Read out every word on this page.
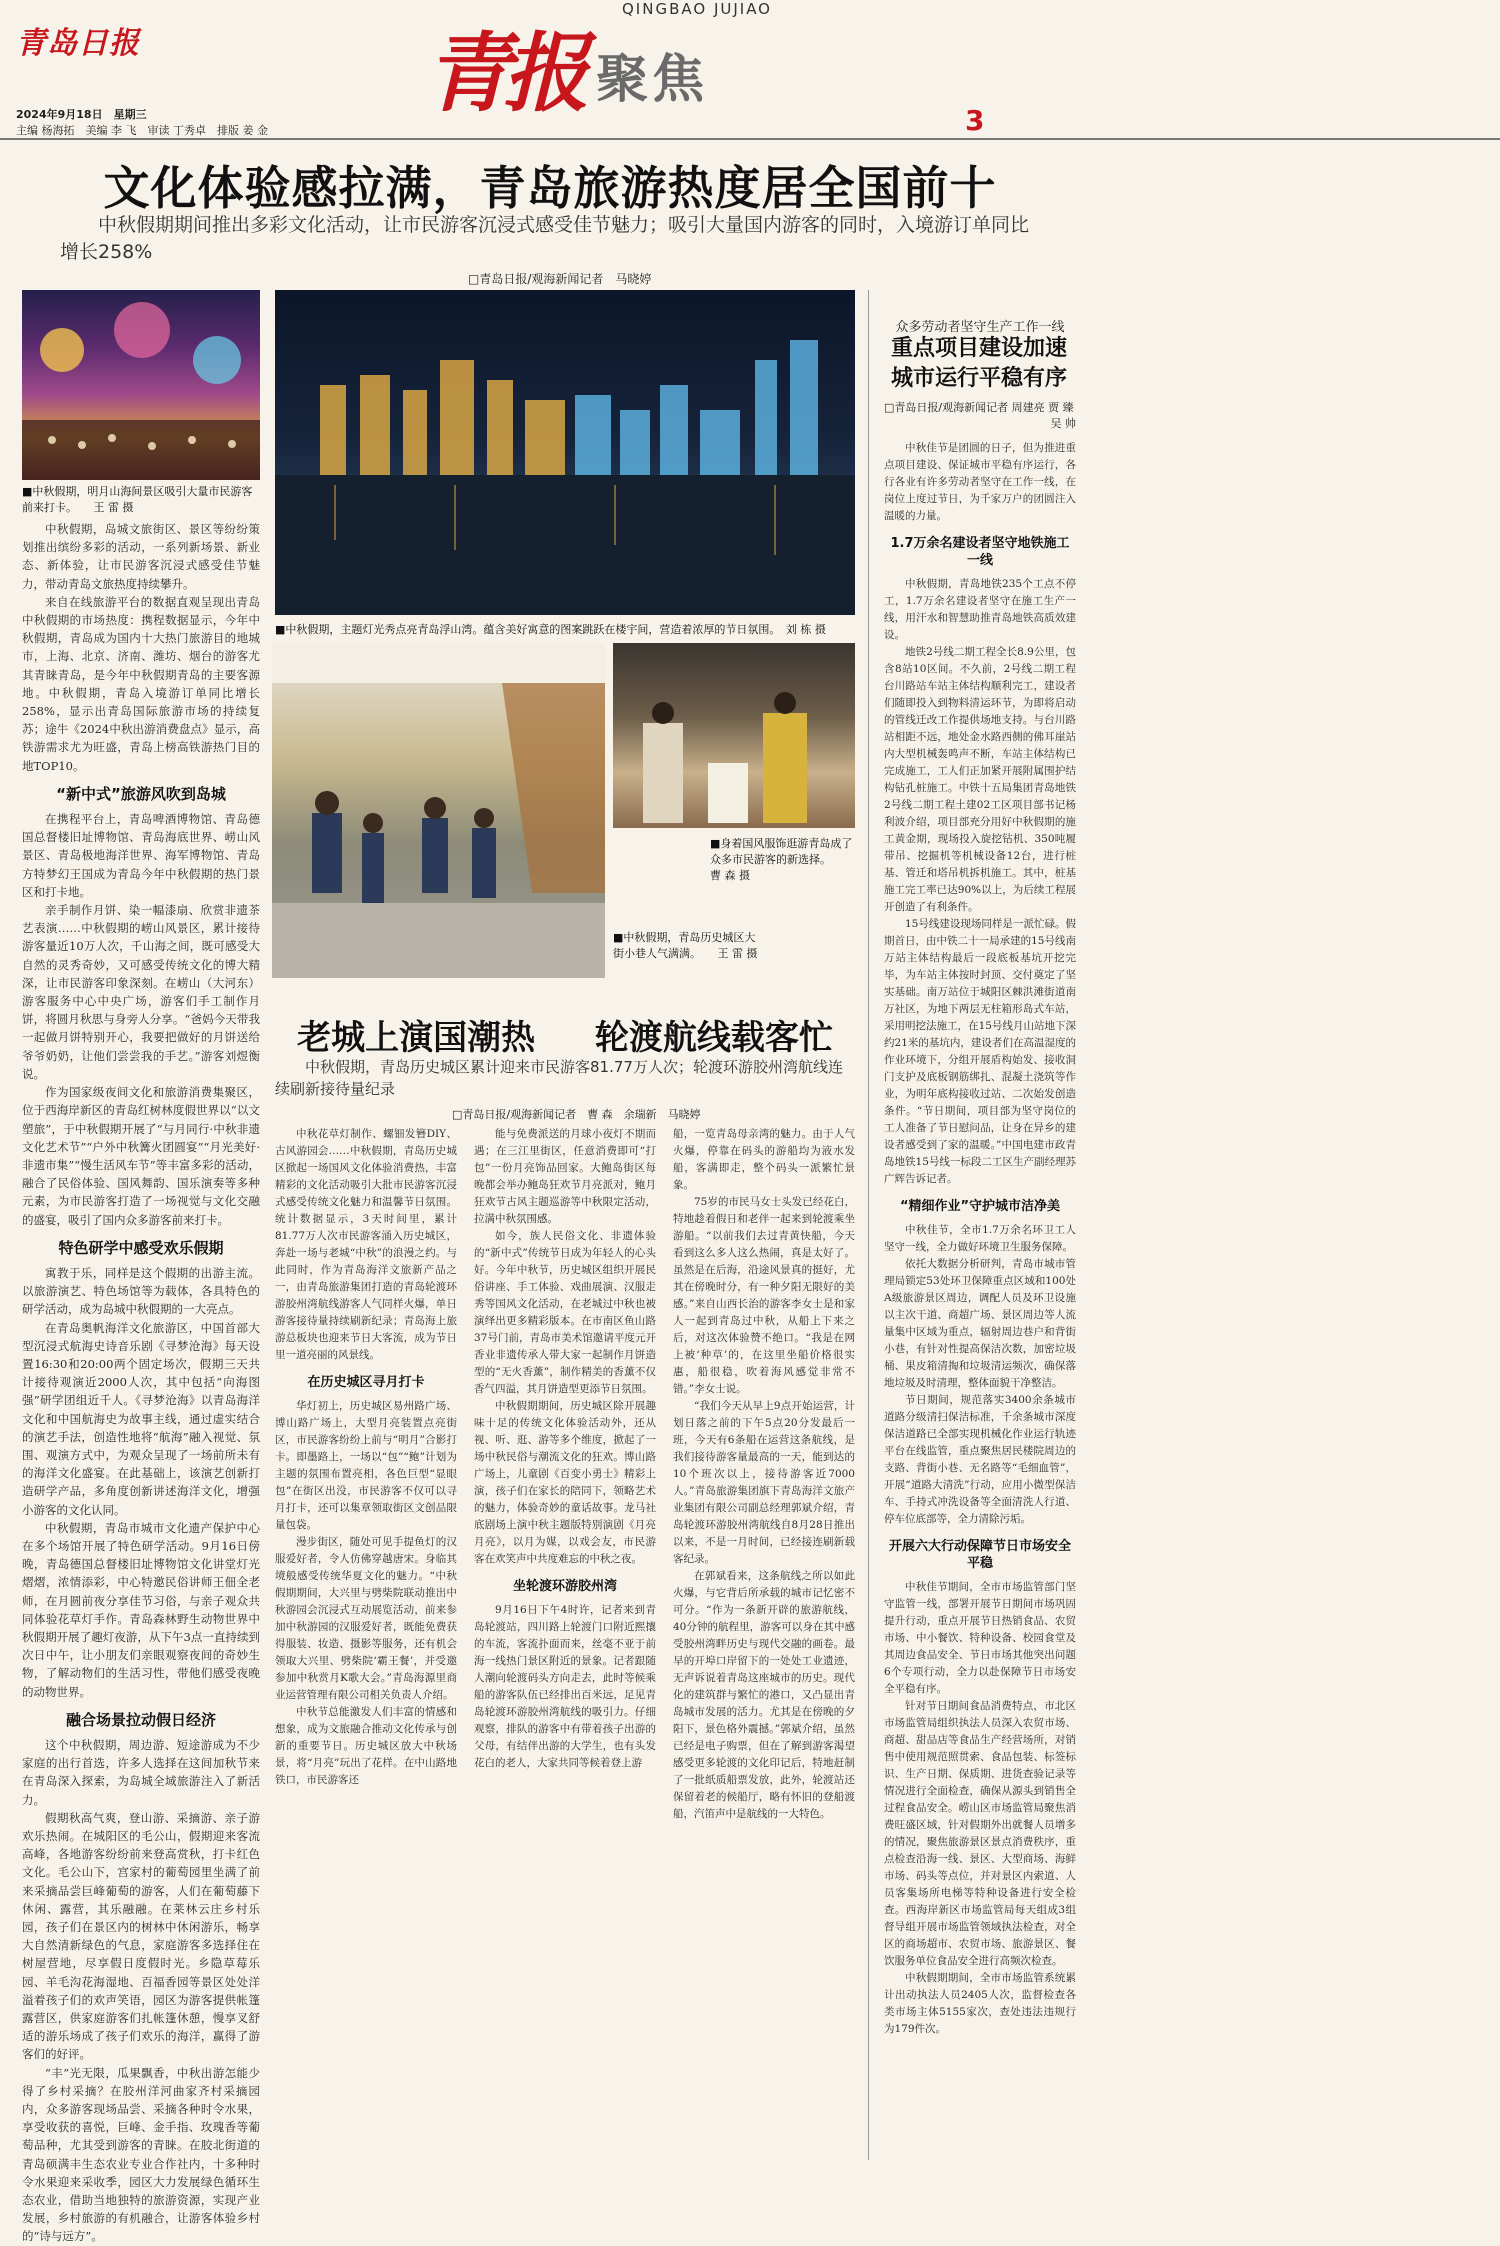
青岛日报
QINGBAO JUJIAO
青报 聚焦
2024年9月18日　星期三
主编 杨海拓　美编 李 飞　审读 丁秀卓　排版 姜 金	3
文化体验感拉满，青岛旅游热度居全国前十
中秋假期期间推出多彩文化活动，让市民游客沉浸式感受佳节魅力；吸引大量国内游客的同时，入境游订单同比增长258%
□青岛日报/观海新闻记者　马晓婷
■中秋假期，明月山海间景区吸引大量市民游客前来打卡。　　王 雷 摄
■中秋假期，主题灯光秀点亮青岛浮山湾。蕴含美好寓意的图案跳跃在楼宇间，营造着浓厚的节日氛围。　刘 栋 摄
■身着国风服饰逛游青岛成了众多市民游客的新选择。　　曹 森 摄
■中秋假期，青岛历史城区大街小巷人气满满。　　王 雷 摄

中秋假期，岛城文旅街区、景区等纷纷策划推出缤纷多彩的活动，一系列新场景、新业态、新体验，让市民游客沉浸式感受佳节魅力，带动青岛文旅热度持续攀升。

来自在线旅游平台的数据直观呈现出青岛中秋假期的市场热度：携程数据显示，今年中秋假期，青岛成为国内十大热门旅游目的地城市，上海、北京、济南、潍坊、烟台的游客尤其青睐青岛，是今年中秋假期青岛的主要客源地。中秋假期，青岛入境游订单同比增长258%，显示出青岛国际旅游市场的持续复苏；途牛《2024中秋出游消费盘点》显示，高铁游需求尤为旺盛，青岛上榜高铁游热门目的地TOP10。

“新中式”旅游风吹到岛城

在携程平台上，青岛啤酒博物馆、青岛德国总督楼旧址博物馆、青岛海底世界、崂山风景区、青岛极地海洋世界、海军博物馆、青岛方特梦幻王国成为青岛今年中秋假期的热门景区和打卡地。

亲手制作月饼、染一幅漆扇、欣赏非遗茶艺表演……中秋假期的崂山风景区，累计接待游客量近10万人次，千山海之间，既可感受大自然的灵秀奇妙，又可感受传统文化的博大精深，让市民游客印象深刻。在崂山（大河东）游客服务中心中央广场，游客们手工制作月饼，将圆月秋思与身旁人分享。“爸妈今天带我一起做月饼特别开心，我要把做好的月饼送给爷爷奶奶，让他们尝尝我的手艺。”游客刘煜衡说。

作为国家级夜间文化和旅游消费集聚区，位于西海岸新区的青岛红树林度假世界以“以文塑旅”，于中秋假期开展了“与月同行·中秋非遗文化艺术节”“户外中秋篝火团圆宴”“月光美好·非遗市集”“慢生活风车节”等丰富多彩的活动，融合了民俗体验、国风舞韵、国乐演奏等多种元素，为市民游客打造了一场视觉与文化交融的盛宴，吸引了国内众多游客前来打卡。

特色研学中感受欢乐假期

寓教于乐，同样是这个假期的出游主流。以旅游演艺、特色场馆等为载体，各具特色的研学活动，成为岛城中秋假期的一大亮点。

在青岛奥帆海洋文化旅游区，中国首部大型沉浸式航海史诗音乐剧《寻梦沧海》每天设置16:30和20:00两个固定场次，假期三天共计接待观演近2000人次，其中包括“向海图强”研学团组近千人。《寻梦沧海》以青岛海洋文化和中国航海史为故事主线，通过虚实结合的演艺手法，创造性地将“航海”融入视觉、氛围、观演方式中，为观众呈现了一场前所未有的海洋文化盛宴。在此基础上，该演艺创新打造研学产品，多角度创新讲述海洋文化，增强小游客的文化认同。

中秋假期，青岛市城市文化遗产保护中心在多个场馆开展了特色研学活动。9月16日傍晚，青岛德国总督楼旧址博物馆文化讲堂灯光熠熠，浓情添彩，中心特邀民俗讲师王佃全老师，在月圆前夜分享佳节习俗，与亲子观众共同体验花草灯手作。青岛森林野生动物世界中秋假期开展了趣灯夜游，从下午3点一直持续到次日中午，让小朋友们亲眼观察夜间的奇妙生物，了解动物们的生活习性，带他们感受夜晚的动物世界。

融合场景拉动假日经济

这个中秋假期，周边游、短途游成为不少家庭的出行首选，许多人选择在这间加秋节来在青岛深入探索，为岛城全域旅游注入了新活力。

假期秋高气爽，登山游、采摘游、亲子游欢乐热闹。在城阳区的毛公山，假期迎来客流高峰，各地游客纷纷前来登高赏秋，打卡红色文化。毛公山下，宫家村的葡萄园里坐满了前来采摘品尝巨峰葡萄的游客，人们在葡萄藤下休闲、露营，其乐融融。在莱林云庄乡村乐园，孩子们在景区内的树林中休闲游乐，畅享大自然清新绿色的气息，家庭游客多选择住在树屋营地，尽享假日度假时光。乡隐草莓乐园、羊毛沟花海湿地、百福香园等景区处处洋溢着孩子们的欢声笑语，园区为游客提供帐篷露营区，供家庭游客们扎帐篷休憩，慢享叉舒适的游乐场成了孩子们欢乐的海洋，赢得了游客们的好评。

“丰”光无限，瓜果飘香，中秋出游怎能少得了乡村采摘？在胶州洋河曲家齐村采摘园内，众多游客现场品尝、采摘各种时令水果，享受收获的喜悦，巨峰、金手指、玫瑰香等葡萄品种，尤其受到游客的青睐。在胶北街道的青岛硕满丰生态农业专业合作社内，十多种时令水果迎来采收季，园区大力发展绿色循环生态农业，借助当地独特的旅游资源，实现产业发展，乡村旅游的有机融合，让游客体验乡村的“诗与远方”。

老城上演国潮热 轮渡航线载客忙
中秋假期，青岛历史城区累计迎来市民游客81.77万人次；轮渡环游胶州湾航线连续刷新接待量纪录
□青岛日报/观海新闻记者　曹 森　余瑞新　马晓婷

中秋花草灯制作、螺钿发簪DIY、古风游园会……中秋假期，青岛历史城区掀起一场国风文化体验消费热，丰富精彩的文化活动吸引大批市民游客沉浸式感受传统文化魅力和温馨节日氛围。统计数据显示，3天时间里，累计81.77万人次市民游客涌入历史城区，奔赴一场与老城“中秋”的浪漫之约。与此同时，作为青岛海洋文旅新产品之一，由青岛旅游集团打造的青岛轮渡环游胶州湾航线游客人气同样火爆，单日游客接待量持续刷新纪录；青岛海上旅游总板块也迎来节日大客流，成为节日里一道亮丽的风景线。

在历史城区寻月打卡

华灯初上，历史城区易州路广场、博山路广场上，大型月亮装置点亮街区，市民游客纷纷上前与“明月”合影打卡。即墨路上，一场以“包”“鲍”计划为主题的氛围布置亮相，各色巨型“显眼包”在街区出没，市民游客不仅可以寻月打卡，还可以集章领取街区文创品限量包袋。

漫步街区，随处可见手提鱼灯的汉服爱好者，令人仿佛穿越唐宋。身临其境般感受传统华夏文化的魅力。“中秋假期期间，大兴里与劈柴院联动推出中秋游园会沉浸式互动展览活动，前来参加中秋游园的汉服爱好者，既能免费获得服装、妆造、摄影等服务，还有机会领取大兴里、劈柴院‘霸王餐’，并受邀参加中秋赏月K歌大会。”青岛海源里商业运营管理有限公司相关负责人介绍。

中秋节总能激发人们丰富的情感和想象，成为文旅融合推动文化传承与创新的重要节日。历史城区放大中秋场景，将“月亮”玩出了花样。在中山路地铁口，市民游客还

能与免费派送的月球小夜灯不期而遇；在三江里街区，任意消费即可“打包”一份月亮饰品回家。大鲍岛街区每晚都会举办鲍岛狂欢节月亮派对，鲍月狂欢节古风主题巡游等中秋限定活动，拉满中秋氛围感。

如今，族人民俗文化、非遗体验的“新中式”传统节日成为年轻人的心头好。今年中秋节，历史城区组织开展民俗讲座、手工体验、戏曲展演、汉服走秀等国风文化活动，在老城过中秋也被演绎出更多精彩版本。在市南区鱼山路37号门前，青岛市美术馆邀请平度元开香业非遗传承人带大家一起制作月饼造型的“无火香薰”，制作精美的香薰不仅香气四溢，其月饼造型更添节日氛围。

中秋假期期间，历史城区除开展趣味十足的传统文化体验活动外，还从视、听、逛、游等多个维度，掀起了一场中秋民俗与潮流文化的狂欢。博山路广场上，儿童剧《百变小勇士》精彩上演，孩子们在家长的陪同下，领略艺术的魅力，体验奇妙的童话故事。龙马社底剧场上演中秋主题版特别演剧《月亮 月亮》，以月为媒，以戏会友，市民游客在欢笑声中共度难忘的中秋之夜。

坐轮渡环游胶州湾

9月16日下午4时许，记者来到青岛轮渡站，四川路上轮渡门口附近熙攘的车流，客流扑面而来，丝毫不亚于前海一线热门景区附近的景象。记者跟随人潮向轮渡码头方向走去，此时等候乘船的游客队伍已经排出百米远，足见青岛轮渡环游胶州湾航线的吸引力。仔细观察，排队的游客中有带着孩子出游的父母，有结伴出游的大学生，也有头发花白的老人，大家共同等候着登上游

船，一览青岛母亲湾的魅力。由于人气火爆，停靠在码头的游船均为液水发船，客满即走，整个码头一派繁忙景象。

75岁的市民马女士头发已经花白，特地趁着假日和老伴一起来到轮渡乘坐游船。“以前我们去过青黄快船，今天看到这么多人这么热闹，真是太好了。虽然是在后海，沿途风景真的挺好，尤其在傍晚时分，有一种夕阳无限好的美感。”来自山西长治的游客李女士是和家人一起到青岛过中秋，从船上下来之后，对这次体验赞不绝口。“我是在网上被‘种草’的，在这里坐船价格很实惠，船很稳，吹着海风感觉非常不错。”李女士说。

“我们今天从早上9点开始运营，计划日落之前的下午5点20分发最后一班，今天有6条船在运营这条航线，是我们接待游客量最高的一天，能到达的10个班次以上，接待游客近7000人。”青岛旅游集团旗下青岛海洋文旅产业集团有限公司副总经理郭斌介绍，青岛轮渡环游胶州湾航线自8月28日推出以来，不是一月时间，已经接连刷新载客纪录。

在郭斌看来，这条航线之所以如此火爆，与它背后所承载的城市记忆密不可分。“作为一条新开辟的旅游航线，40分钟的航程里，游客可以身在其中感受胶州湾畔历史与现代交融的画卷。最早的开埠口岸留下的一处处工业遗迹，无声诉说着青岛这座城市的历史。现代化的建筑群与繁忙的港口，又凸显出青岛城市发展的活力。尤其是在傍晚的夕阳下，景色格外震撼。”郭斌介绍，虽然已经是电子购票，但在了解到游客渴望感受更多轮渡的文化印记后，特地赶制了一批纸质船票发放，此外，轮渡站还保留着老的候船厅，略有怀旧的登船渡船，汽笛声中是航线的一大特色。

众多劳动者坚守生产工作一线
重点项目建设加速城市运行平稳有序
□青岛日报/观海新闻记者 周建亮 贾 臻
吴 帅

中秋佳节是团圆的日子，但为推进重点项目建设、保证城市平稳有序运行，各行各业有许多劳动者坚守在工作一线，在岗位上度过节日，为千家万户的团圆注入温暖的力量。

1.7万余名建设者坚守地铁施工一线

中秋假期，青岛地铁235个工点不停工，1.7万余名建设者坚守在施工生产一线，用汗水和智慧助推青岛地铁高质效建设。

地铁2号线二期工程全长8.9公里，包含8站10区间。不久前，2号线二期工程台川路站车站主体结构顺利完工，建设者们随即投入到物料清运环节，为即将启动的管线迁改工作提供场地支持。与台川路站相距不远，地处金水路西侧的佛耳崖站内大型机械轰鸣声不断，车站主体结构已完成施工，工人们正加紧开展附属围护结构钻孔桩施工。中铁十五局集团青岛地铁2号线二期工程土建02工区项目部书记杨利波介绍，项目部充分用好中秋假期的施工黄金期，现场投入旋挖钻机、350吨履带吊、挖掘机等机械设备12台，进行桩基、管迁和塔吊机拆机施工。其中，桩基施工完工率已达90%以上，为后续工程展开创造了有利条件。

15号线建设现场同样是一派忙碌。假期首日，由中铁二十一局承建的15号线南万站主体结构最后一段底板基坑开挖完毕，为车站主体按时封顶、交付奠定了坚实基础。南万站位于城阳区棘洪滩街道南万社区，为地下两层无柱箱形岛式车站，采用明挖法施工，在15号线月山站地下深约21米的基坑内，建设者们在高温湿度的作业环境下，分组开展盾构始发、接收洞门支护及底板钢筋绑扎、混凝土浇筑等作业，为明年底构接收过站、二次始发创造条件。“节日期间，项目部为坚守岗位的工人准备了节日慰问品，让身在异乡的建设者感受到了家的温暖。”中国电建市政青岛地铁15号线一标段二工区生产副经理苏广辉告诉记者。

“精细作业”守护城市洁净美

中秋佳节，全市1.7万余名环卫工人坚守一线，全力做好环境卫生服务保障。

依托大数据分析研判，青岛市城市管理局锁定53处环卫保障重点区域和100处A级旅游景区周边，调配人员及环卫设施以主次干道、商超广场、景区周边等人流量集中区域为重点，辐射周边巷户和背街小巷，有针对性提高保洁次数，加密垃圾桶、果皮箱清掏和垃圾清运频次，确保落地垃圾及时清理，整体面貌干净整洁。

节日期间，规范落实3400余条城市道路分级清扫保洁标准，千余条城市深度保洁道路已全部实现机械化作业运行轨迹平台在线监管，重点聚焦居民楼院周边的支路、背街小巷、无名路等“毛细血管”，开展“道路大清洗”行动，应用小微型保洁车、手持式冲洗设备等全面清洗人行道、停车位底部等，全力清除污垢。

开展六大行动保障节日市场安全平稳

中秋佳节期间，全市市场监管部门坚守监管一线，部署开展节日期间市场巩固提升行动，重点开展节日热销食品、农贸市场、中小餐饮、特种设备、校园食堂及其周边食品安全、节日市场其他突出问题6个专项行动，全力以赴保障节日市场安全平稳有序。

针对节日期间食品消费特点，市北区市场监管局组织执法人员深入农贸市场、商超、甜品店等食品生产经营场所，对销售中使用规范照贯索、食品包装、标签标识、生产日期、保质期、进货查验记录等情况进行全面检查，确保从源头到销售全过程食品安全。崂山区市场监管局聚焦消费旺盛区域，针对假期外出就餐人员增多的情况，聚焦旅游景区景点消费秩序，重点检查沿海一线、景区、大型商场、海鲜市场、码头等点位，并对景区内索道、人员客集场所电梯等特种设备进行安全检查。西海岸新区市场监管局每天组成3组督导组开展市场监管领域执法检查，对全区的商场超市、农贸市场、旅游景区、餐饮服务单位食品安全进行高频次检查。

中秋假期期间，全市市场监管系统累计出动执法人员2405人次，监督检查各类市场主体5155家次，查处违法违规行为179件次。
